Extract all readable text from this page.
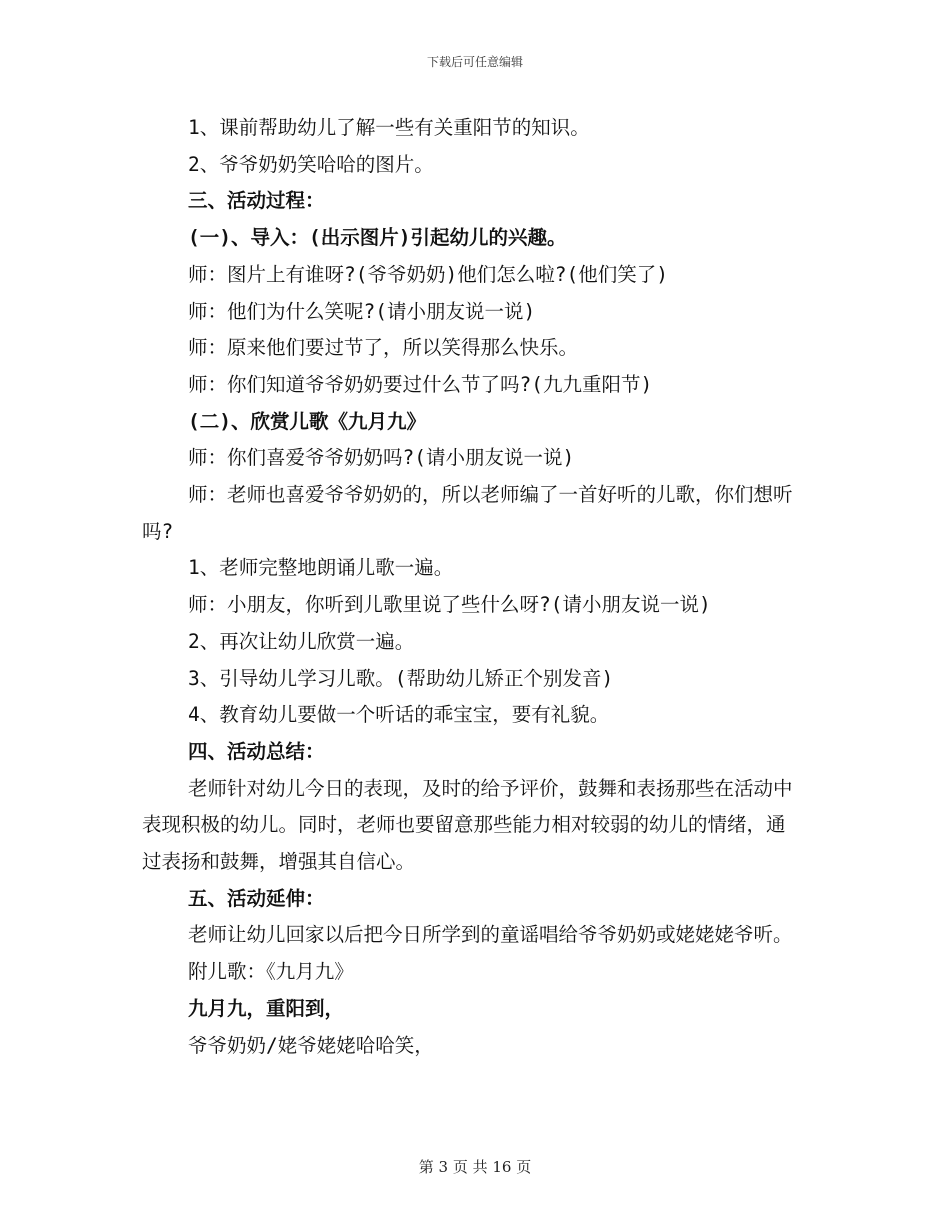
下载后可任意编辑

1、课前帮助幼儿了解一些有关重阳节的知识。

2、爷爷奶奶笑哈哈的图片。

三、活动过程：

(一)、导入：(出示图片)引起幼儿的兴趣。

师：图片上有谁呀?(爷爷奶奶)他们怎么啦?(他们笑了)

师：他们为什么笑呢?(请小朋友说一说)

师：原来他们要过节了，所以笑得那么快乐。

师：你们知道爷爷奶奶要过什么节了吗?(九九重阳节)

(二)、欣赏儿歌《九月九》

师：你们喜爱爷爷奶奶吗?(请小朋友说一说)

师：老师也喜爱爷爷奶奶的，所以老师编了一首好听的儿歌，你们想听吗?

1、老师完整地朗诵儿歌一遍。

师：小朋友，你听到儿歌里说了些什么呀?(请小朋友说一说)

2、再次让幼儿欣赏一遍。

3、引导幼儿学习儿歌。(帮助幼儿矫正个别发音)

4、教育幼儿要做一个听话的乖宝宝，要有礼貌。

四、活动总结：

老师针对幼儿今日的表现，及时的给予评价，鼓舞和表扬那些在活动中表现积极的幼儿。同时，老师也要留意那些能力相对较弱的幼儿的情绪，通过表扬和鼓舞，增强其自信心。

五、活动延伸：

老师让幼儿回家以后把今日所学到的童谣唱给爷爷奶奶或姥姥姥爷听。

附儿歌：《九月九》

九月九，重阳到，

爷爷奶奶/姥爷姥姥哈哈笑，

第 3 页 共 16 页
